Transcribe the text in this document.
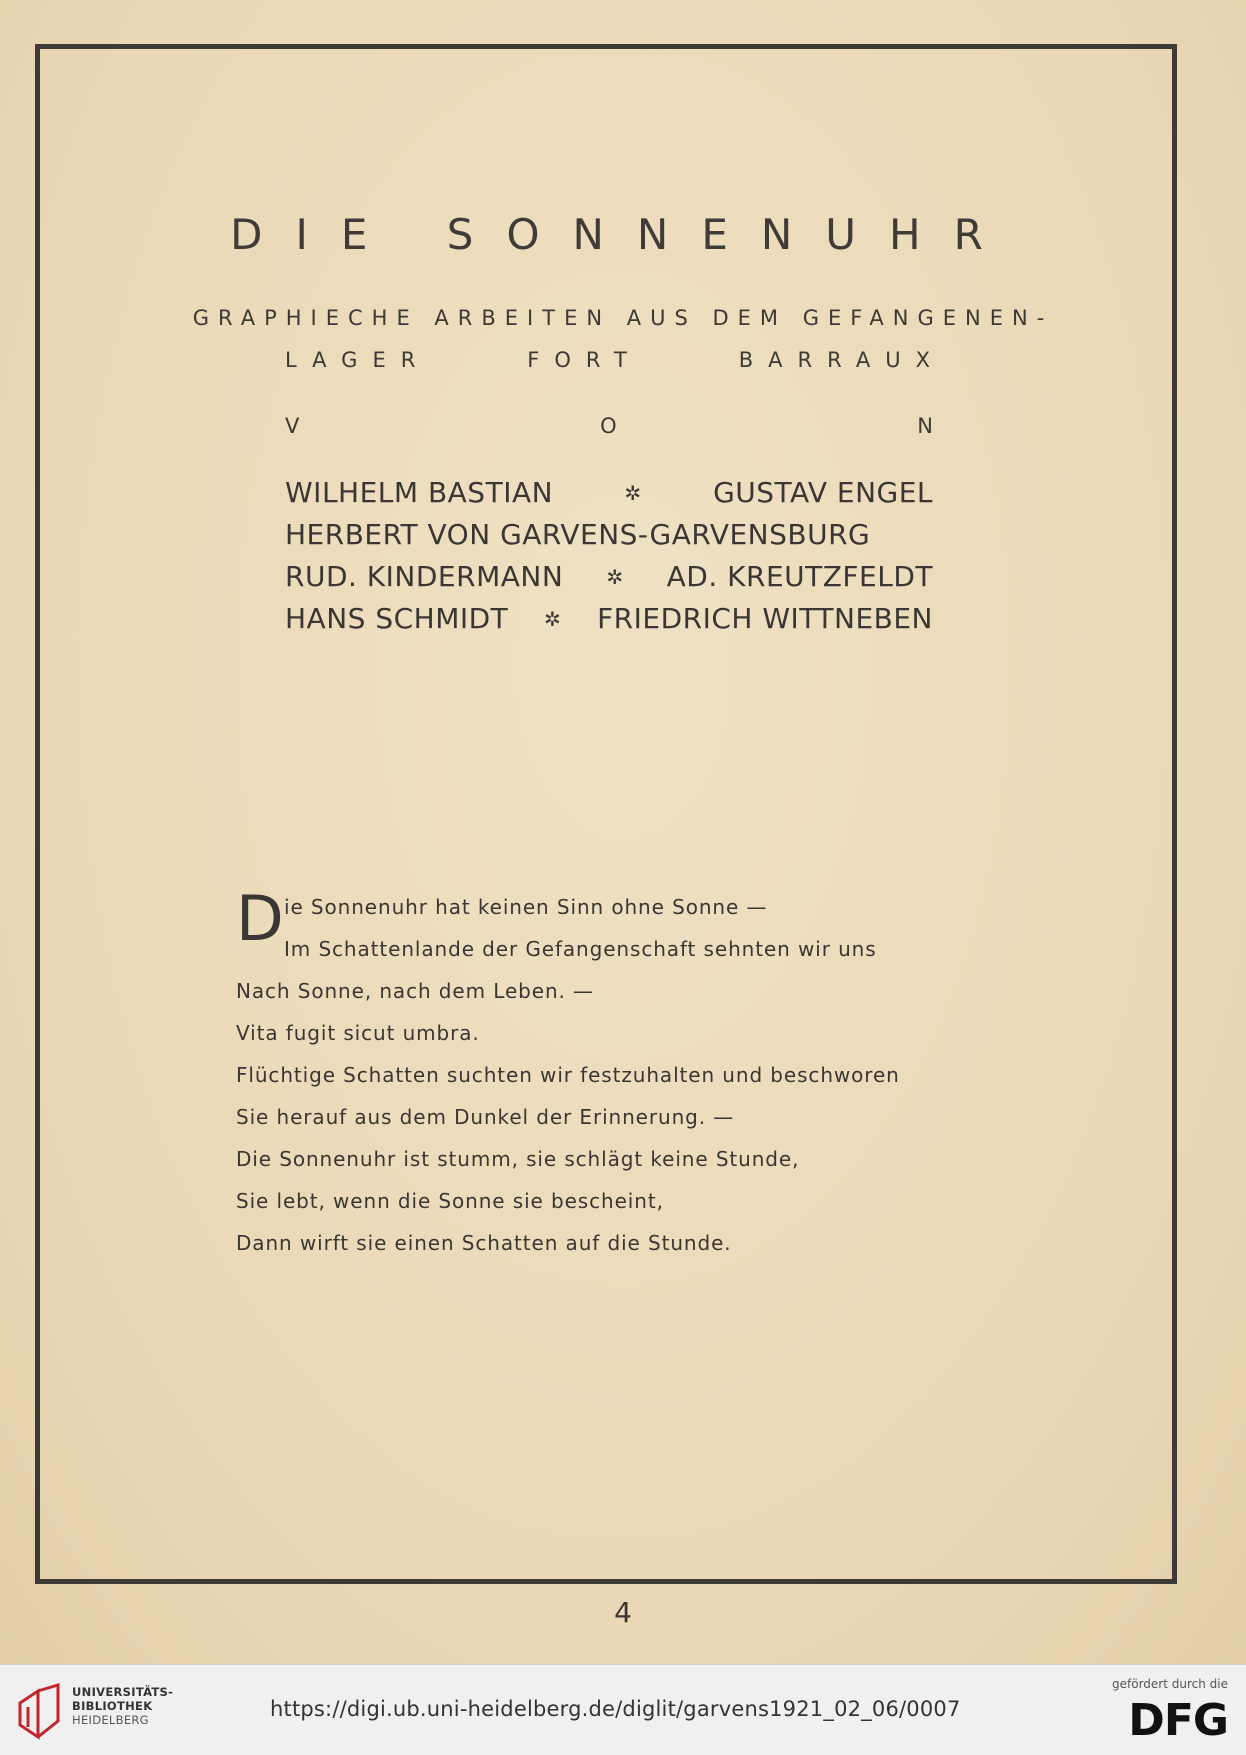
DIE SONNENUHR
GRAPHIECHE ARBEITEN AUS DEM GEFANGENEN-
LAGER	FORT	BARRAUX
V	O	N
WILHELM BASTIAN	✲	GUSTAV ENGEL
HERBERT VON GARVENS-GARVENSBURG
RUD. KINDERMANN ✲ AD. KREUTZFELDT
HANS SCHMIDT ✲ FRIEDRICH WITTNEBEN
D ie Sonnenuhr hat keinen Sinn ohne Sonne —
Im Schattenlande der Gefangenschaft sehnten wir uns
Nach Sonne, nach dem Leben. —
Vita fugit sicut umbra.
Flüchtige Schatten suchten wir festzuhalten und beschworen
Sie herauf aus dem Dunkel der Erinnerung. —
Die Sonnenuhr ist stumm, sie schlägt keine Stunde,
Sie lebt, wenn die Sonne sie bescheint,
Dann wirft sie einen Schatten auf die Stunde.
4
UNIVERSITÄTS-
BIBLIOTHEK
HEIDELBERG	https://digi.ub.uni-heidelberg.de/diglit/garvens1921_02_06/0007
gefördert durch die
DFG
